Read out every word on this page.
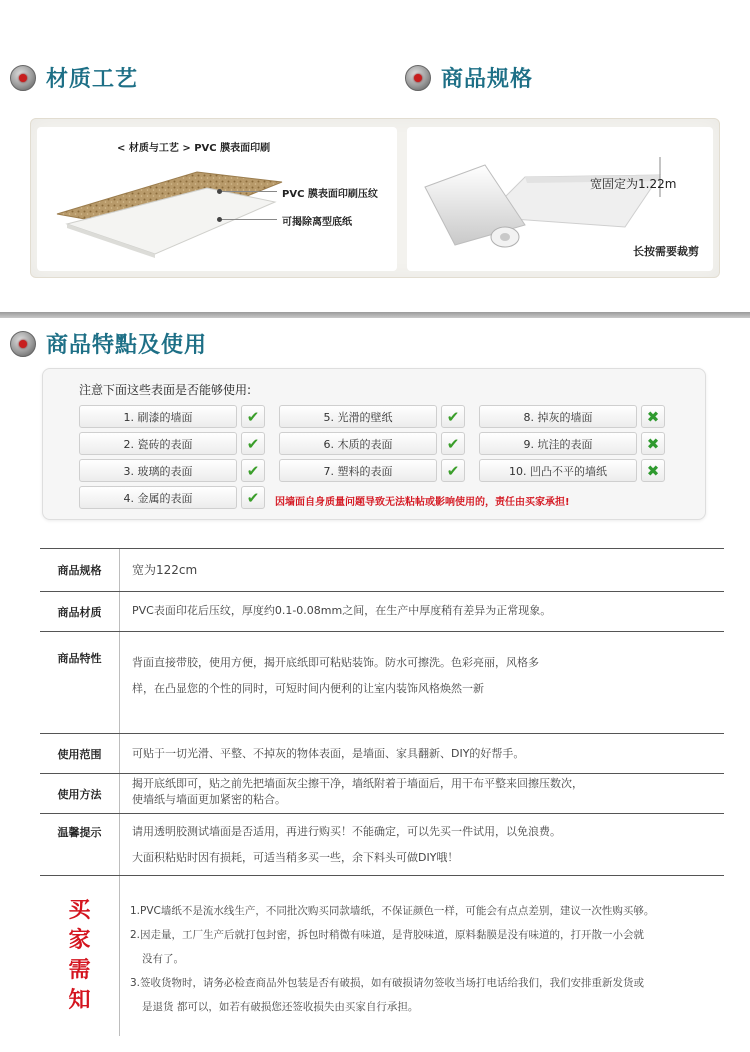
材质工艺	商品规格
< 材质与工艺 > PVC 膜表面印刷
PVC 膜表面印刷压纹
可揭除离型底纸
宽固定为1.22m
长按需要裁剪
商品特點及使用
注意下面这些表面是否能够使用:
1. 刷漆的墙面	✔
2. 瓷砖的表面	✔
3. 玻璃的表面	✔
4. 金属的表面	✔
5. 光滑的壁纸	✔
6. 木质的表面	✔
7. 塑料的表面	✔
8. 掉灰的墙面	✖
9. 坑洼的表面	✖
10. 凹凸不平的墙纸	✖
因墙面自身质量问题导致无法粘帖或影响使用的，责任由买家承担!
商品规格	宽为122cm
商品材质	PVC表面印花后压纹，厚度约0.1-0.08mm之间，在生产中厚度稍有差异为正常现象。
商品特性	背面直接带胶，使用方便，揭开底纸即可粘贴装饰。防水可擦洗。色彩亮丽，风格多
样，在凸显您的个性的同时，可短时间内便利的让室内装饰风格焕然一新
使用范围	可贴于一切光滑、平整、不掉灰的物体表面，是墙面、家具翻新、DIY的好帮手。
使用方法
揭开底纸即可，贴之前先把墙面灰尘擦干净，墙纸附着于墙面后，用干布平整来回擦压数次，
使墙纸与墙面更加紧密的粘合。
温馨提示	请用透明胶测试墙面是否适用，再进行购买！不能确定，可以先买一件试用，以免浪费。
大面积粘贴时因有损耗，可适当稍多买一些，余下料头可做DIY哦！
买
家
需
知
1.PVC墙纸不是流水线生产，不同批次购买同款墙纸，不保证颜色一样，可能会有点点差别，建议一次性购买够。
2.因走量，工厂生产后就打包封密，拆包时稍微有味道，是背胶味道，原料黏膜是没有味道的，打开散一小会就
没有了。
3.签收货物时，请务必检查商品外包装是否有破损，如有破损请勿签收当场打电话给我们，我们安排重新发货或
是退货 都可以，如若有破损您还签收损失由买家自行承担。
